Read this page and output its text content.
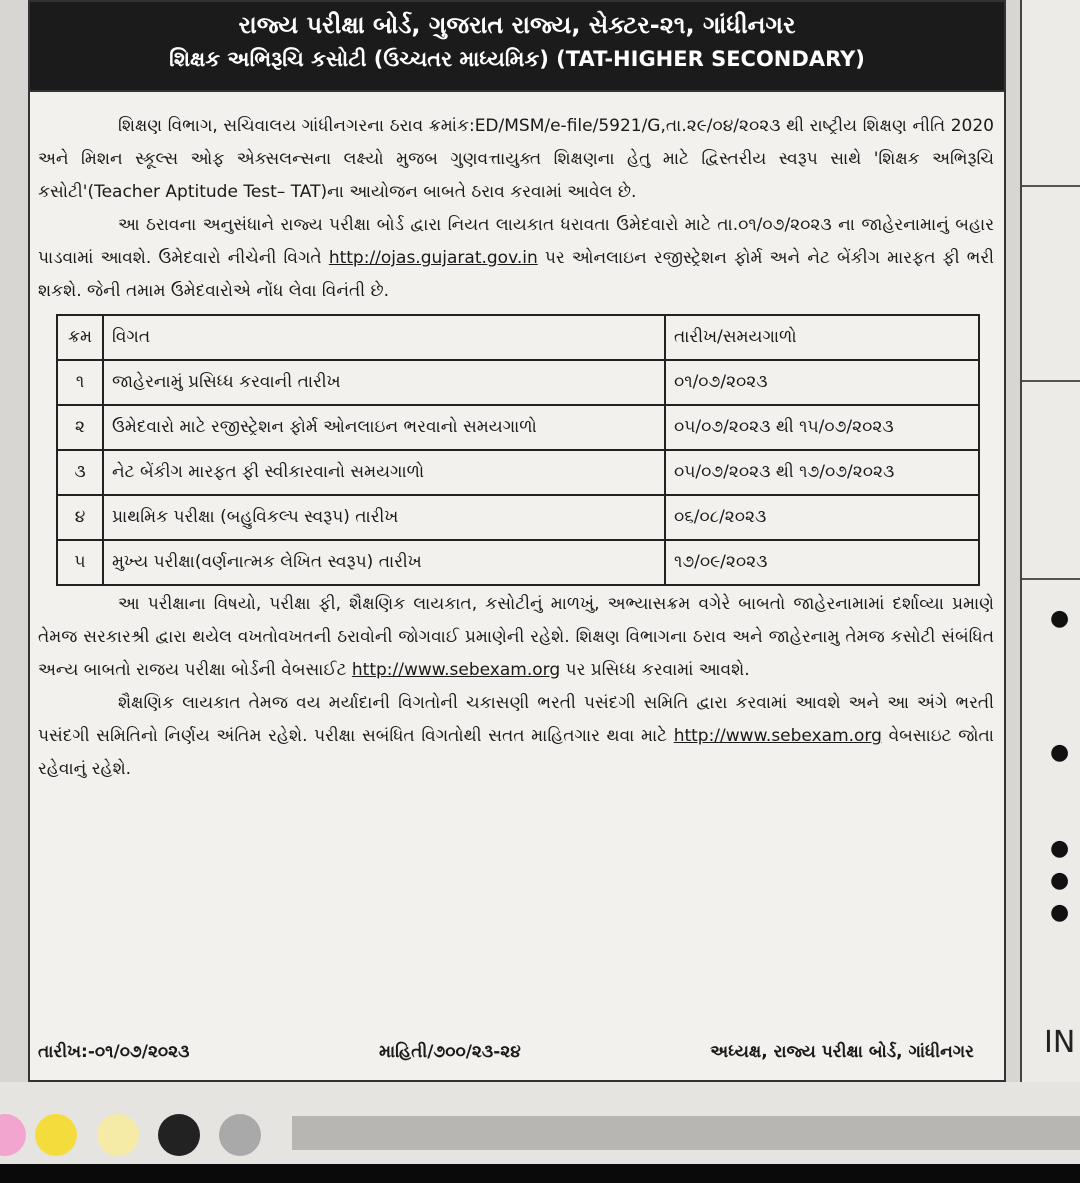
રાજ્ય પરીક્ષા બોર્ડ, ગુજરાત રાજ્ય, સેક્ટર-૨૧, ગાંધીનગર
શિક્ષક અભિરૂચિ કસોટી (ઉચ્ચતર માધ્યમિક) (TAT-HIGHER SECONDARY)

શિક્ષણ વિભાગ, સચિવાલય ગાંધીનગરના ઠરાવ ક્રમાંક:ED/MSM/e-file/5921/G,તા.૨૯/૦૪/૨૦૨૩ થી રાષ્ટ્રીય શિક્ષણ નીતિ 2020 અને મિશન સ્કૂલ્સ ઓફ એક્સલન્સના લક્ષ્યો મુજબ ગુણવત્તાયુક્ત શિક્ષણના હેતુ માટે દ્વિસ્તરીય સ્વરૂપ સાથે 'શિક્ષક અભિરૂચિ કસોટી'(Teacher Aptitude Test– TAT)ના આયોજન બાબતે ઠરાવ કરવામાં આવેલ છે.

આ ઠરાવના અનુસંધાને રાજ્ય પરીક્ષા બોર્ડ દ્વારા નિયત લાયકાત ધરાવતા ઉમેદવારો માટે તા.૦૧/૦૭/૨૦૨૩ ના જાહેરનામાનું બહાર પાડવામાં આવશે. ઉમેદવારો નીચેની વિગતે http://ojas.gujarat.gov.in પર ઓનલાઇન રજીસ્ટ્રેશન ફોર્મ અને નેટ બેંકીગ મારફત ફી ભરી શકશે. જેની તમામ ઉમેદવારોએ નોંધ લેવા વિનંતી છે.

ક્રમ	વિગત	તારીખ/સમયગાળો
૧	જાહેરનામું પ્રસિધ્ધ કરવાની તારીખ	૦૧/૦૭/૨૦૨૩
૨	ઉમેદવારો માટે રજીસ્ટ્રેશન ફોર્મ ઓનલાઇન ભરવાનો સમયગાળો	૦૫/૦૭/૨૦૨૩ થી ૧૫/૦૭/૨૦૨૩
૩	નેટ બેંકીગ મારફત ફી સ્વીકારવાનો સમયગાળો	૦૫/૦૭/૨૦૨૩ થી ૧૭/૦૭/૨૦૨૩
૪	પ્રાથમિક પરીક્ષા (બહુવિકલ્પ સ્વરૂપ) તારીખ	૦૬/૦૮/૨૦૨૩
૫	મુખ્ય પરીક્ષા(વર્ણનાત્મક લેખિત સ્વરૂપ) તારીખ	૧૭/૦૯/૨૦૨૩

આ પરીક્ષાના વિષયો, પરીક્ષા ફી, શૈક્ષણિક લાયકાત, કસોટીનું માળખું, અભ્યાસક્રમ વગેરે બાબતો જાહેરનામામાં દર્શાવ્યા પ્રમાણે તેમજ સરકારશ્રી દ્વારા થયેલ વખતોવખતની ઠરાવોની જોગવાઈ પ્રમાણેની રહેશે. શિક્ષણ વિભાગના ઠરાવ અને જાહેરનામુ તેમજ કસોટી સંબંધિત અન્ય બાબતો રાજય પરીક્ષા બોર્ડની વેબસાઈટ http://www.sebexam.org પર પ્રસિધ્ધ કરવામાં આવશે.

શૈક્ષણિક લાયકાત તેમજ વય મર્યાદાની વિગતોની ચકાસણી ભરતી પસંદગી સમિતિ દ્વારા કરવામાં આવશે અને આ અંગે ભરતી પસંદગી સમિતિનો નિર્ણય અંતિમ રહેશે. પરીક્ષા સબંધિત વિગતોથી સતત માહિતગાર થવા માટે http://www.sebexam.org વેબસાઇટ જોતા રહેવાનું રહેશે.

તારીખ:-૦૧/૦૭/૨૦૨૩	માહિતી/૭૦૦/૨૩-૨૪	અધ્યક્ષ, રાજ્ય પરીક્ષા બોર્ડ, ગાંધીનગર
●
●
●
●
●
IN
